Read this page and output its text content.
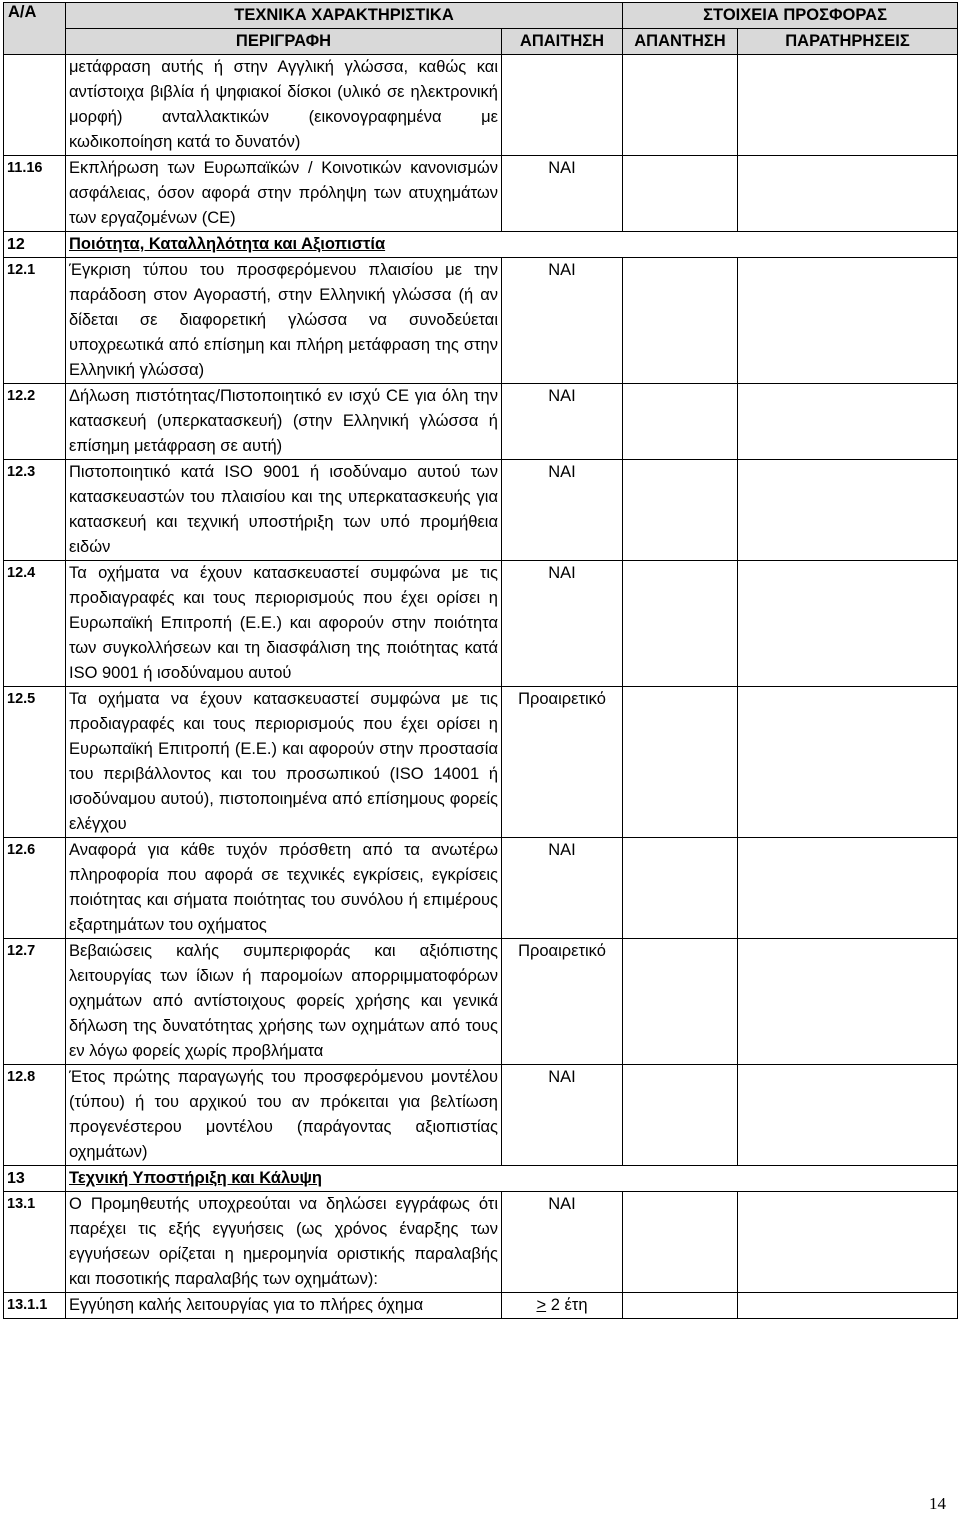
Α/Α	ΤΕΧΝΙΚΑ ΧΑΡΑΚΤΗΡΙΣΤΙΚΑ		ΣΤΟΙΧΕΙΑ ΠΡΟΣΦΟΡΑΣ	
	ΠΕΡΙΓΡΑΦΗ	ΑΠΑΙΤΗΣΗ	ΑΠΑΝΤΗΣΗ	ΠΑΡΑΤΗΡΗΣΕΙΣ
	μετάφραση αυτής ή στην Αγγλική γλώσσα, καθώς και αντίστοιχα βιβλία ή ψηφιακοί δίσκοι (υλικό σε ηλεκτρονική μορφή) ανταλλακτικών (εικονογραφημένα με κωδικοποίηση κατά το δυνατόν)			
11.16	Εκπλήρωση των Ευρωπαϊκών / Κοινοτικών κανονισμών ασφάλειας, όσον αφορά στην πρόληψη των ατυχημάτων των εργαζομένων (CE)	ΝΑΙ		
12	Ποιότητα, Καταλληλότητα και Αξιοπιστία			
12.1	Έγκριση τύπου του προσφερόμενου πλαισίου με την παράδοση στον Αγοραστή, στην Ελληνική γλώσσα (ή αν δίδεται σε διαφορετική γλώσσα να συνοδεύεται υποχρεωτικά από επίσημη και πλήρη μετάφραση της στην Ελληνική γλώσσα)	ΝΑΙ		
12.2	Δήλωση πιστότητας/Πιστοποιητικό εν ισχύ CE για όλη την κατασκευή (υπερκατασκευή) (στην Ελληνική γλώσσα ή επίσημη μετάφραση σε αυτή)	ΝΑΙ		
12.3	Πιστοποιητικό κατά ISO 9001 ή ισοδύναμο αυτού των κατασκευαστών του πλαισίου και της υπερκατασκευής για κατασκευή και τεχνική υποστήριξη των υπό προμήθεια ειδών	ΝΑΙ		
12.4	Τα οχήματα να έχουν κατασκευαστεί συμφώνα με τις προδιαγραφές και τους περιορισμούς που έχει ορίσει η Ευρωπαϊκή Επιτροπή (Ε.Ε.) και αφορούν στην ποιότητα των συγκολλήσεων και τη διασφάλιση της ποιότητας κατά ISO 9001 ή ισοδύναμου αυτού	ΝΑΙ		
12.5	Τα οχήματα να έχουν κατασκευαστεί συμφώνα με τις προδιαγραφές και τους περιορισμούς που έχει ορίσει η Ευρωπαϊκή Επιτροπή (Ε.Ε.) και αφορούν στην προστασία του περιβάλλοντος και του προσωπικού (ISO 14001 ή ισοδύναμου αυτού), πιστοποιημένα από επίσημους φορείς ελέγχου	Προαιρετικό		
12.6	Αναφορά για κάθε τυχόν πρόσθετη από τα ανωτέρω πληροφορία που αφορά σε τεχνικές εγκρίσεις, εγκρίσεις ποιότητας και σήματα ποιότητας του συνόλου ή επιμέρους εξαρτημάτων του οχήματος	ΝΑΙ		
12.7	Βεβαιώσεις καλής συμπεριφοράς και αξιόπιστης λειτουργίας των ίδιων ή παρομοίων απορριμματοφόρων οχημάτων από αντίστοιχους φορείς χρήσης και γενικά δήλωση της δυνατότητας χρήσης των οχημάτων από τους εν λόγω φορείς χωρίς προβλήματα	Προαιρετικό		
12.8	Έτος πρώτης παραγωγής του προσφερόμενου μοντέλου (τύπου) ή του αρχικού του αν πρόκειται για βελτίωση προγενέστερου μοντέλου (παράγοντας αξιοπιστίας οχημάτων)	ΝΑΙ		
13	Τεχνική Υποστήριξη και Κάλυψη			
13.1	Ο Προμηθευτής υποχρεούται να δηλώσει εγγράφως ότι παρέχει τις εξής εγγυήσεις (ως χρόνος έναρξης των εγγυήσεων ορίζεται η ημερομηνία οριστικής παραλαβής και ποσοτικής παραλαβής των οχημάτων):	ΝΑΙ		
13.1.1	Εγγύηση καλής λειτουργίας για το πλήρες όχημα	≥ 2 έτη		
14
